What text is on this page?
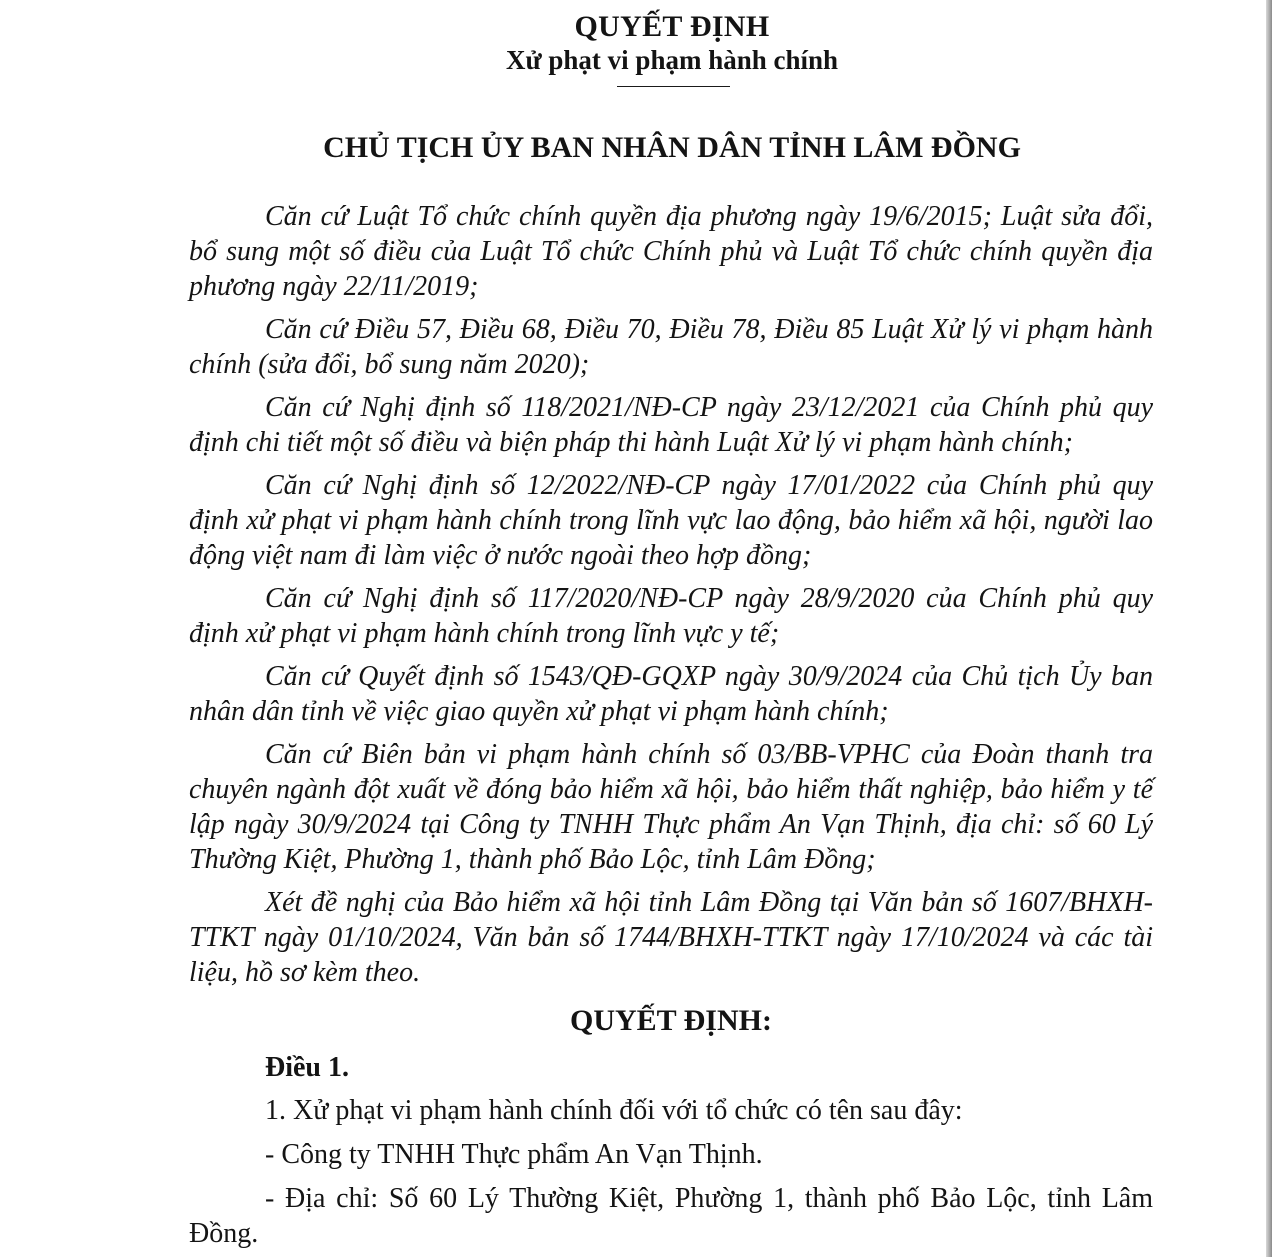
QUYẾT ĐỊNH
Xử phạt vi phạm hành chính
CHỦ TỊCH ỦY BAN NHÂN DÂN TỈNH LÂM ĐỒNG

Căn cứ Luật Tổ chức chính quyền địa phương ngày 19/6/2015; Luật sửa đổi, bổ sung một số điều của Luật Tổ chức Chính phủ và Luật Tổ chức chính quyền địa phương ngày 22/11/2019;

Căn cứ Điều 57, Điều 68, Điều 70, Điều 78, Điều 85 Luật Xử lý vi phạm hành chính (sửa đổi, bổ sung năm 2020);

Căn cứ Nghị định số 118/2021/NĐ-CP ngày 23/12/2021 của Chính phủ quy định chi tiết một số điều và biện pháp thi hành Luật Xử lý vi phạm hành chính;

Căn cứ Nghị định số 12/2022/NĐ-CP ngày 17/01/2022 của Chính phủ quy định xử phạt vi phạm hành chính trong lĩnh vực lao động, bảo hiểm xã hội, người lao động việt nam đi làm việc ở nước ngoài theo hợp đồng;

Căn cứ Nghị định số 117/2020/NĐ-CP ngày 28/9/2020 của Chính phủ quy định xử phạt vi phạm hành chính trong lĩnh vực y tế;

Căn cứ Quyết định số 1543/QĐ-GQXP ngày 30/9/2024 của Chủ tịch Ủy ban nhân dân tỉnh về việc giao quyền xử phạt vi phạm hành chính;

Căn cứ Biên bản vi phạm hành chính số 03/BB-VPHC của Đoàn thanh tra chuyên ngành đột xuất về đóng bảo hiểm xã hội, bảo hiểm thất nghiệp, bảo hiểm y tế lập ngày 30/9/2024 tại Công ty TNHH Thực phẩm An Vạn Thịnh, địa chỉ: số 60 Lý Thường Kiệt, Phường 1, thành phố Bảo Lộc, tỉnh Lâm Đồng;

Xét đề nghị của Bảo hiểm xã hội tỉnh Lâm Đồng tại Văn bản số 1607/BHXH-TTKT ngày 01/10/2024, Văn bản số 1744/BHXH-TTKT ngày 17/10/2024 và các tài liệu, hồ sơ kèm theo.

QUYẾT ĐỊNH:
Điều 1.

1. Xử phạt vi phạm hành chính đối với tổ chức có tên sau đây:

- Công ty TNHH Thực phẩm An Vạn Thịnh.

- Địa chỉ: Số 60 Lý Thường Kiệt, Phường 1, thành phố Bảo Lộc, tỉnh Lâm Đồng.
